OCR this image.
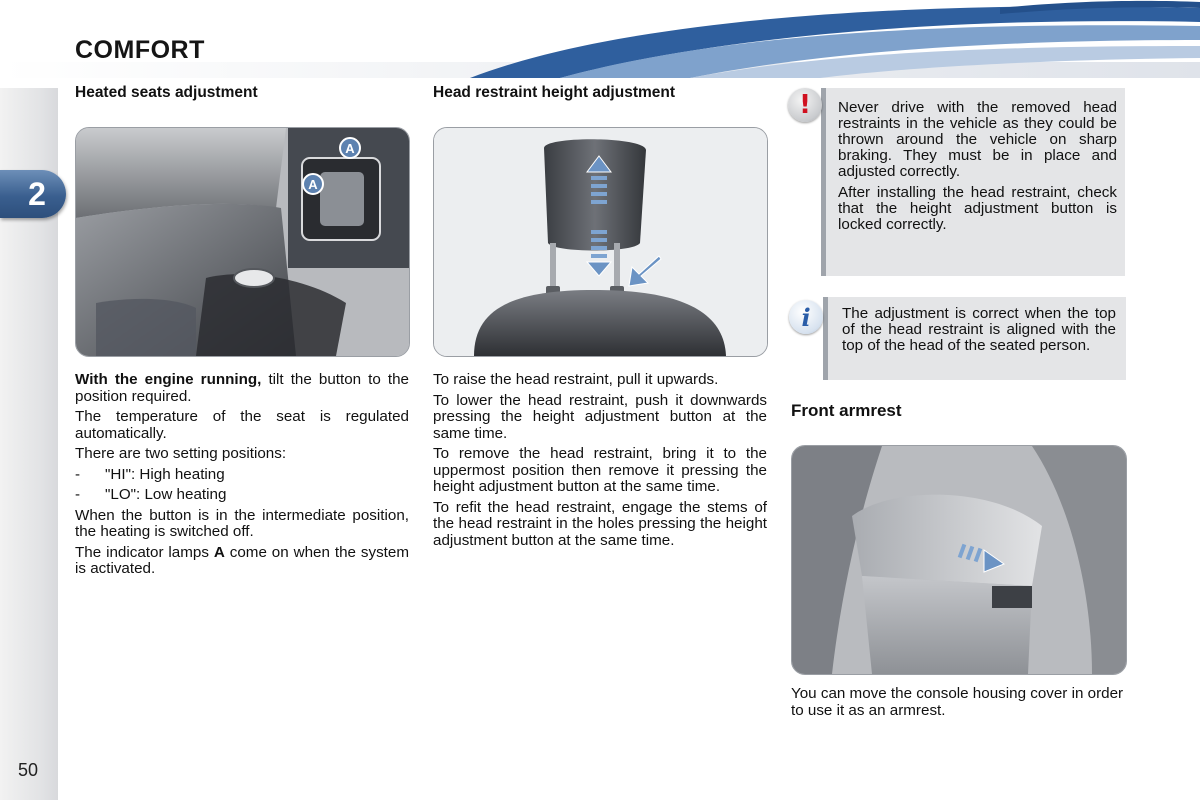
COMFORT
2
50
Heated seats adjustment
A
A

With the engine running, tilt the button to the position required.

The temperature of the seat is regulated automatically.

There are two setting positions:

-	"HI": High heating
-	"LO": Low heating

When the button is in the intermediate position, the heating is switched off.

The indicator lamps A come on when the system is activated.

Head restraint height adjustment

To raise the head restraint, pull it upwards.

To lower the head restraint, push it downwards pressing the height adjustment button at the same time.

To remove the head restraint, bring it to the uppermost position then remove it pressing the height adjustment button at the same time.

To refit the head restraint, engage the stems of the head restraint in the holes pressing the height adjustment button at the same time.

Never drive with the removed head restraints in the vehicle as they could be thrown around the vehicle on sharp braking. They must be in place and adjusted correctly.

After installing the head restraint, check that the height adjustment button is locked correctly.

!

The adjustment is correct when the top of the head restraint is aligned with the top of the head of the seated person.

i
Front armrest

You can move the console housing cover in order to use it as an armrest.
